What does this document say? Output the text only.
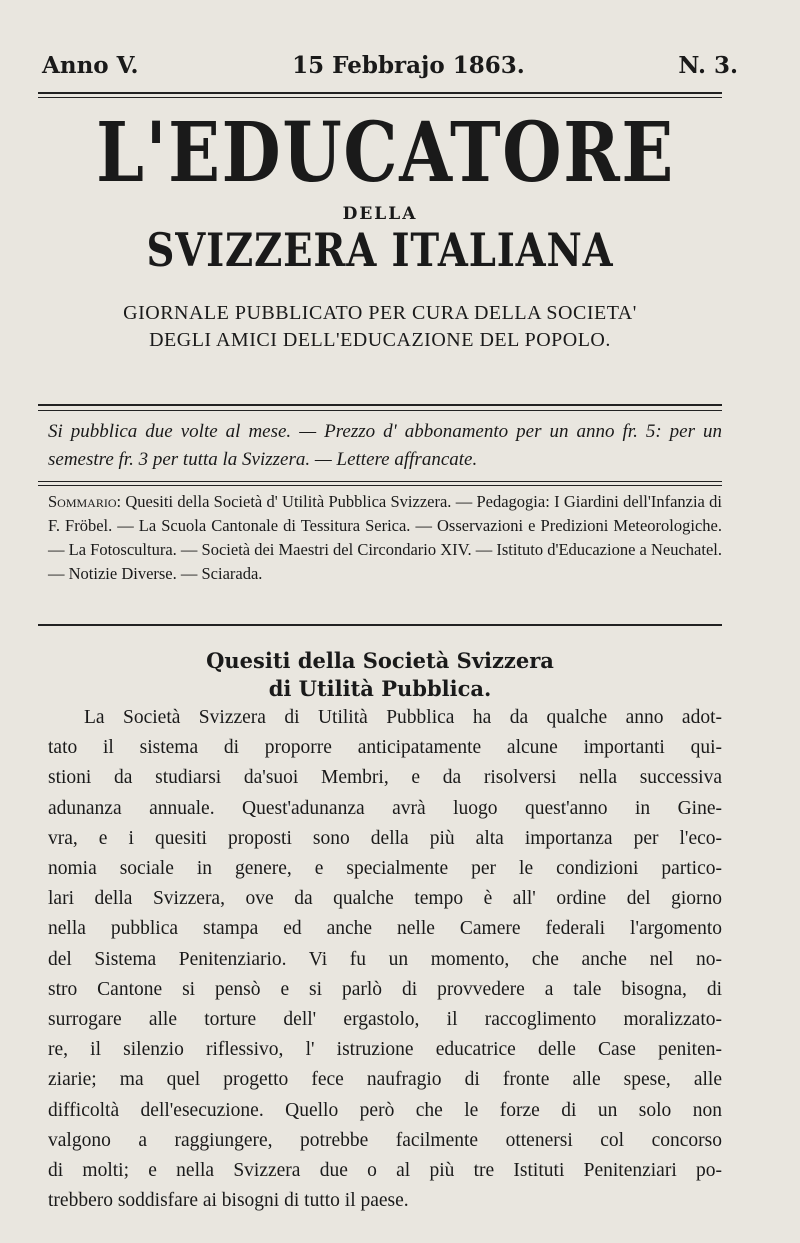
Anno V.	15 Febbrajo 1863.	N. 3.
L'EDUCATORE
DELLA
SVIZZERA ITALIANA
GIORNALE PUBBLICATO PER CURA DELLA SOCIETA'
DEGLI AMICI DELL'EDUCAZIONE DEL POPOLO.
Si pubblica due volte al mese. — Prezzo d' abbonamento per un anno fr. 5: per un semestre fr. 3 per tutta la Svizzera. — Lettere affrancate.
Sommario: Quesiti della Società d' Utilità Pubblica Svizzera. — Pedagogia: I Giardini dell'Infanzia di F. Fröbel. — La Scuola Cantonale di Tessitura Serica. — Osservazioni e Predizioni Meteorologiche. — La Fotoscultura. — Società dei Maestri del Circondario XIV. — Istituto d'Educazione a Neuchatel. — Notizie Diverse. — Sciarada.
Quesiti della Società Svizzera
di Utilità Pubblica.
La Società Svizzera di Utilità Pubblica ha da qualche anno adot-
tato il sistema di proporre anticipatamente alcune importanti qui-
stioni da studiarsi da'suoi Membri, e da risolversi nella successiva
adunanza annuale. Quest'adunanza avrà luogo quest'anno in Gine-
vra, e i quesiti proposti sono della più alta importanza per l'eco-
nomia sociale in genere, e specialmente per le condizioni partico-
lari della Svizzera, ove da qualche tempo è all' ordine del giorno
nella pubblica stampa ed anche nelle Camere federali l'argomento
del Sistema Penitenziario. Vi fu un momento, che anche nel no-
stro Cantone si pensò e si parlò di provvedere a tale bisogna, di
surrogare alle torture dell' ergastolo, il raccoglimento moralizzato-
re, il silenzio riflessivo, l' istruzione educatrice delle Case peniten-
ziarie; ma quel progetto fece naufragio di fronte alle spese, alle
difficoltà dell'esecuzione. Quello però che le forze di un solo non
valgono a raggiungere, potrebbe facilmente ottenersi col concorso
di molti; e nella Svizzera due o al più tre Istituti Penitenziari po-
trebbero soddisfare ai bisogni di tutto il paese.
